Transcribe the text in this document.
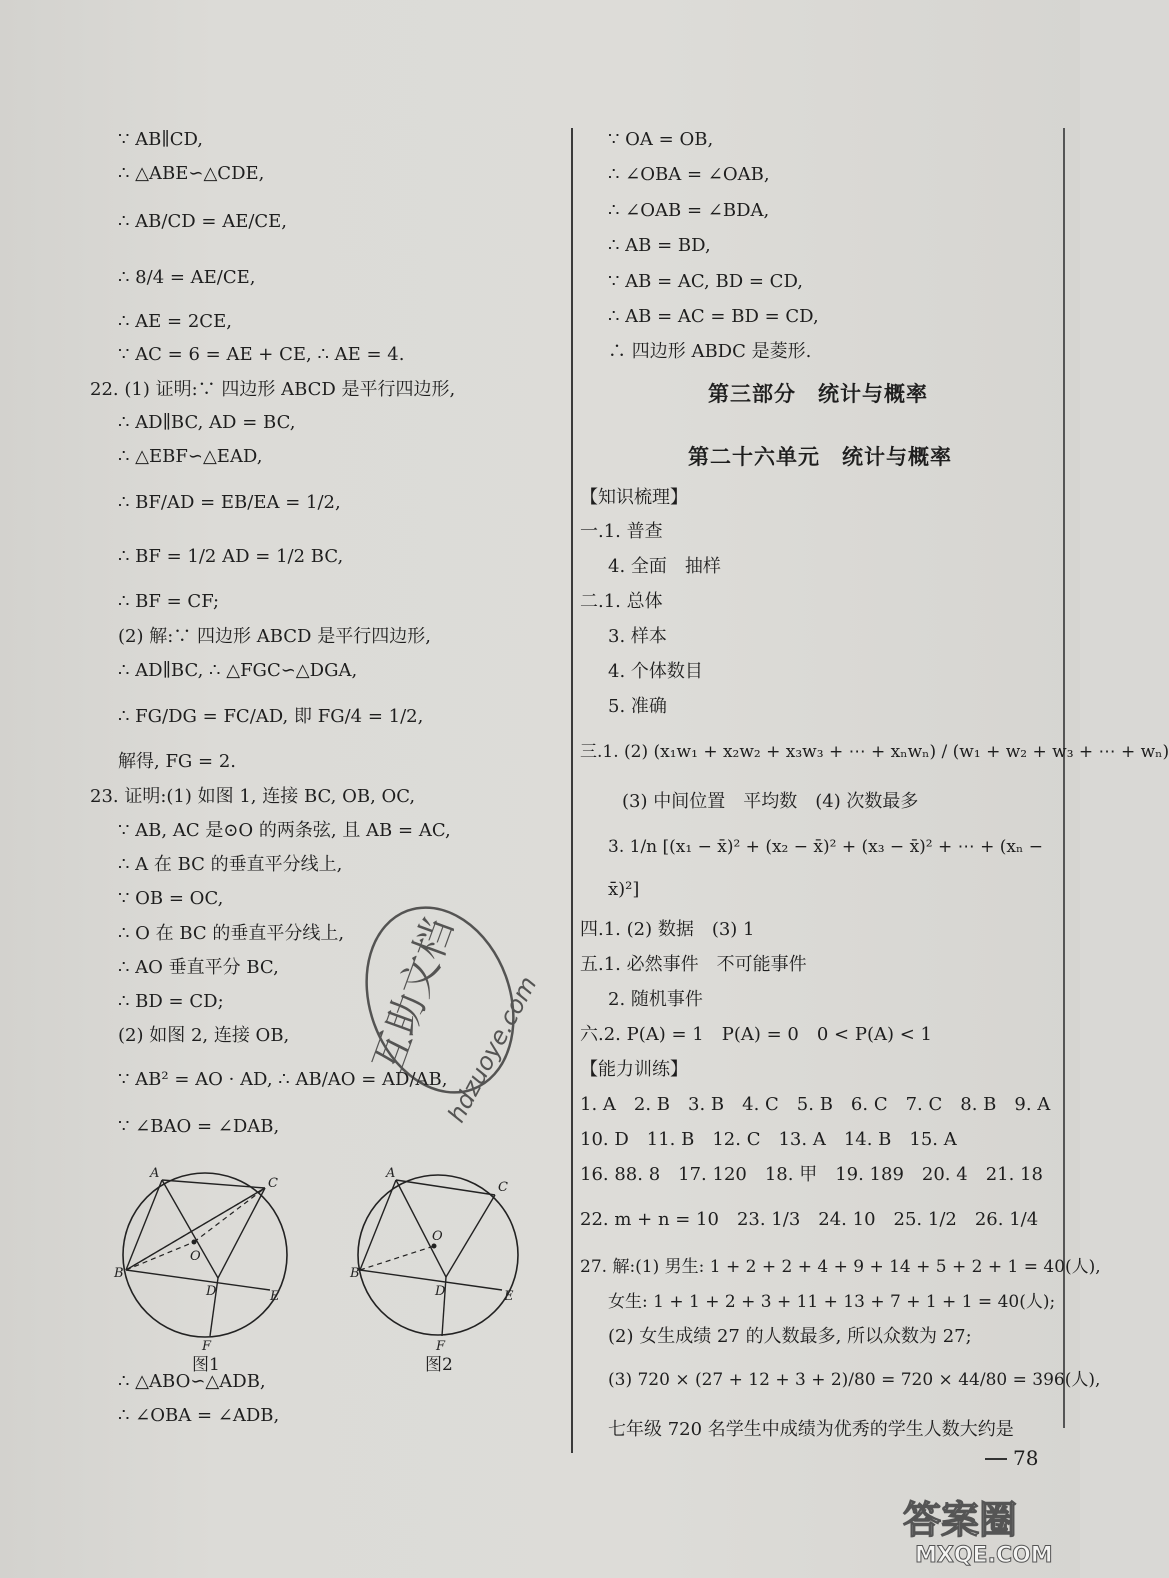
∵ AB∥CD,
∴ △ABE∽△CDE,
∴ AB/CD = AE/CE,
∴ 8/4 = AE/CE,
∴ AE = 2CE,
∵ AC = 6 = AE + CE, ∴ AE = 4.
22. (1) 证明:∵ 四边形 ABCD 是平行四边形,
∴ AD∥BC, AD = BC,
∴ △EBF∽△EAD,
∴ BF/AD = EB/EA = 1/2,
∴ BF = 1/2 AD = 1/2 BC,
∴ BF = CF;
(2) 解:∵ 四边形 ABCD 是平行四边形,
∴ AD∥BC, ∴ △FGC∽△DGA,
∴ FG/DG = FC/AD, 即 FG/4 = 1/2,
解得, FG = 2.
23. 证明:(1) 如图 1, 连接 BC, OB, OC,
∵ AB, AC 是⊙O 的两条弦, 且 AB = AC,
∴ A 在 BC 的垂直平分线上,
∵ OB = OC,
∴ O 在 BC 的垂直平分线上,
∴ AO 垂直平分 BC,
∴ BD = CD;
(2) 如图 2, 连接 OB,
∵ AB² = AO · AD, ∴ AB/AO = AD/AB,
∵ ∠BAO = ∠DAB,
A
B
C
D	E
F
O
图1
A
B
C
D	E
F
O
图2
∴ △ABO∽△ADB,
∴ ∠OBA = ∠ADB,
互助文档
hdzuoye.com
∵ OA = OB,
∴ ∠OBA = ∠OAB,
∴ ∠OAB = ∠BDA,
∴ AB = BD,
∵ AB = AC, BD = CD,
∴ AB = AC = BD = CD,
∴ 四边形 ABDC 是菱形.
第三部分　统计与概率
第二十六单元　统计与概率
【知识梳理】
一.1. 普查
4. 全面　抽样
二.1. 总体
3. 样本
4. 个体数目
5. 准确
三.1. (2) (x₁w₁ + x₂w₂ + x₃w₃ + ⋯ + xₙwₙ) / (w₁ + w₂ + w₃ + ⋯ + wₙ)
(3) 中间位置　平均数　(4) 次数最多
3. 1/n [(x₁ − x̄)² + (x₂ − x̄)² + (x₃ − x̄)² + ⋯ + (xₙ −
x̄)²]
四.1. (2) 数据　(3) 1
五.1. 必然事件　不可能事件
2. 随机事件
六.2. P(A) = 1　P(A) = 0　0 < P(A) < 1
【能力训练】
1. A　2. B　3. B　4. C　5. B　6. C　7. C　8. B　9. A
10. D　11. B　12. C　13. A　14. B　15. A
16. 88. 8　17. 120　18. 甲　19. 189　20. 4　21. 18
22. m + n = 10　23. 1/3　24. 10　25. 1/2　26. 1/4
27. 解:(1) 男生: 1 + 2 + 2 + 4 + 9 + 14 + 5 + 2 + 1 = 40(人),
女生: 1 + 1 + 2 + 3 + 11 + 13 + 7 + 1 + 1 = 40(人);
(2) 女生成绩 27 的人数最多, 所以众数为 27;
(3) 720 × (27 + 12 + 3 + 2)/80 = 720 × 44/80 = 396(人),
七年级 720 名学生中成绩为优秀的学生人数大约是
78
答案圈
MXQE.COM
